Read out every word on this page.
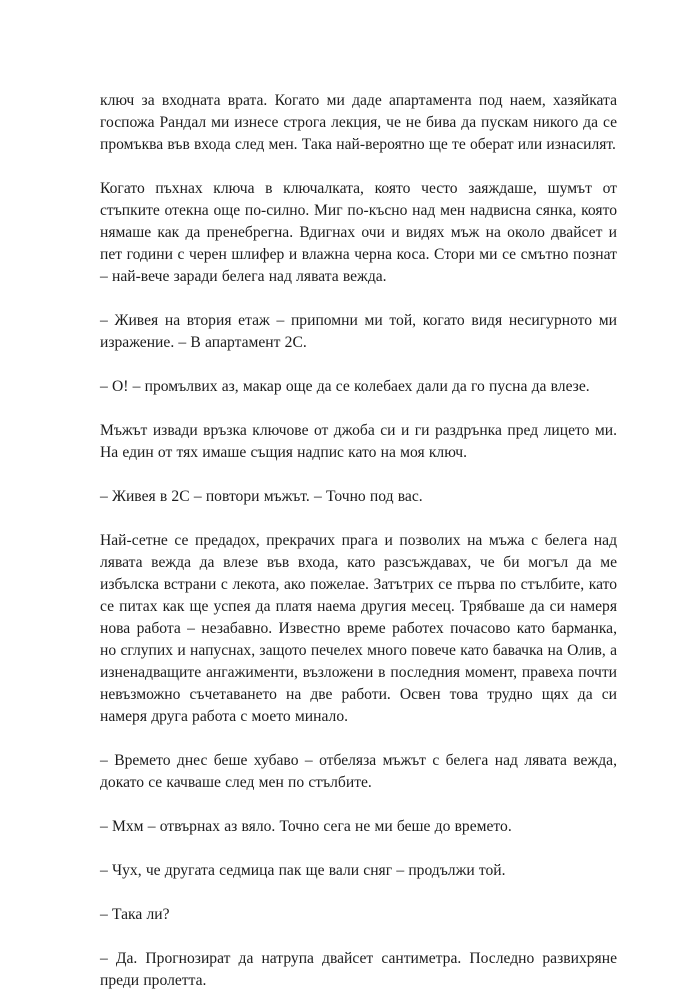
ключ за входната врата. Когато ми даде апартамента под наем, хазяйката госпожа Рандал ми изнесе строга лекция, че не бива да пускам никого да се промъква във входа след мен. Така най-вероятно ще те оберат или изнасилят.

Когато пъхнах ключа в ключалката, която често заяждаше, шумът от стъпките отекна още по-силно. Миг по-късно над мен надвисна сянка, която нямаше как да пренебрегна. Вдигнах очи и видях мъж на около двайсет и пет години с черен шлифер и влажна черна коса. Стори ми се смътно познат – най-вече заради белега над лявата вежда.

– Живея на втория етаж – припомни ми той, когато видя несигурното ми изражение. – В апартамент 2С.

– О! – промълвих аз, макар още да се колебаех дали да го пусна да влезе.

Мъжът извади връзка ключове от джоба си и ги раздрънка пред лицето ми. На един от тях имаше същия надпис като на моя ключ.

– Живея в 2С – повтори мъжът. – Точно под вас.

Най-сетне се предадох, прекрачих прага и позволих на мъжа с белега над лявата вежда да влезе във входа, като разсъждавах, че би могъл да ме избълска встрани с лекота, ако пожелае. Затътрих се първа по стълбите, като се питах как ще успея да платя наема другия месец. Трябваше да си намеря нова работа – незабавно. Известно време работех почасово като барманка, но сглупих и напуснах, защото печелех много повече като бавачка на Олив, а изненадващите ангажименти, възложени в последния момент, правеха почти невъзможно съчетаването на две работи. Освен това трудно щях да си намеря друга работа с моето минало.

– Времето днес беше хубаво – отбеляза мъжът с белега над лявата вежда, докато се качваше след мен по стълбите.

– Мхм – отвърнах аз вяло. Точно сега не ми беше до времето.

– Чух, че другата седмица пак ще вали сняг – продължи той.

– Така ли?

– Да. Прогнозират да натрупа двайсет сантиметра. Последно развихряне преди пролетта.
